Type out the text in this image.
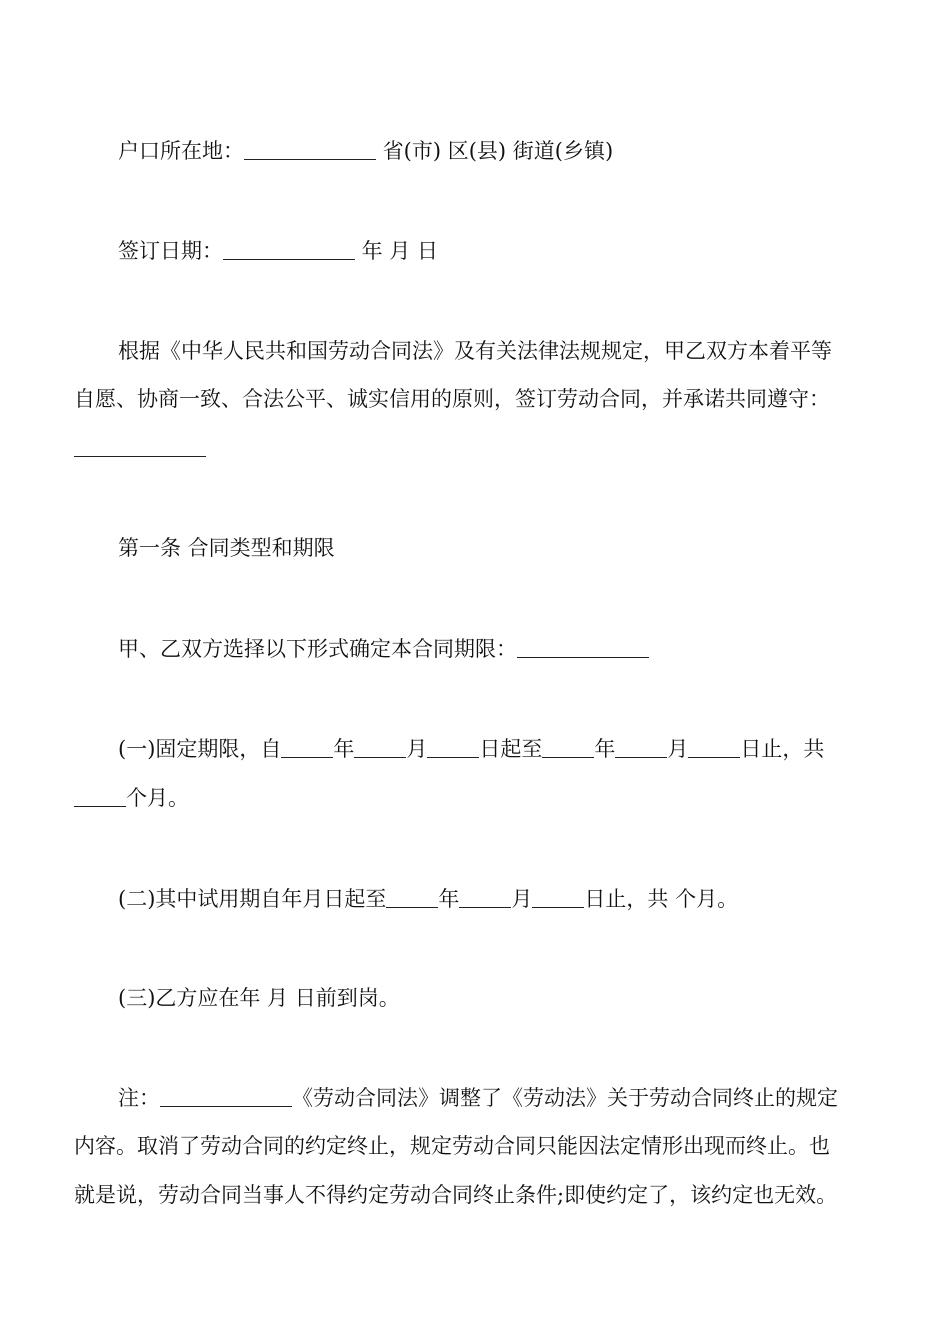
户口所在地：	省(市) 区(县) 街道(乡镇)
签订日期：	年 月 日
根据《中华人民共和国劳动合同法》及有关法律法规规定，甲乙双方本着平等
自愿、协商一致、合法公平、诚实信用的原则，签订劳动合同，并承诺共同遵守：
第一条 合同类型和期限
甲、乙双方选择以下形式确定本合同期限：
(一)固定期限，自 年 月 日起至 年 月 日止，共
个月。
(二)其中试用期自年月日起至 年 月 日止，共 个月。
(三)乙方应在年 月 日前到岗。
注：	《劳动合同法》调整了《劳动法》关于劳动合同终止的规定
内容。取消了劳动合同的约定终止，规定劳动合同只能因法定情形出现而终止。也
就是说，劳动合同当事人不得约定劳动合同终止条件;即使约定了，该约定也无效。
